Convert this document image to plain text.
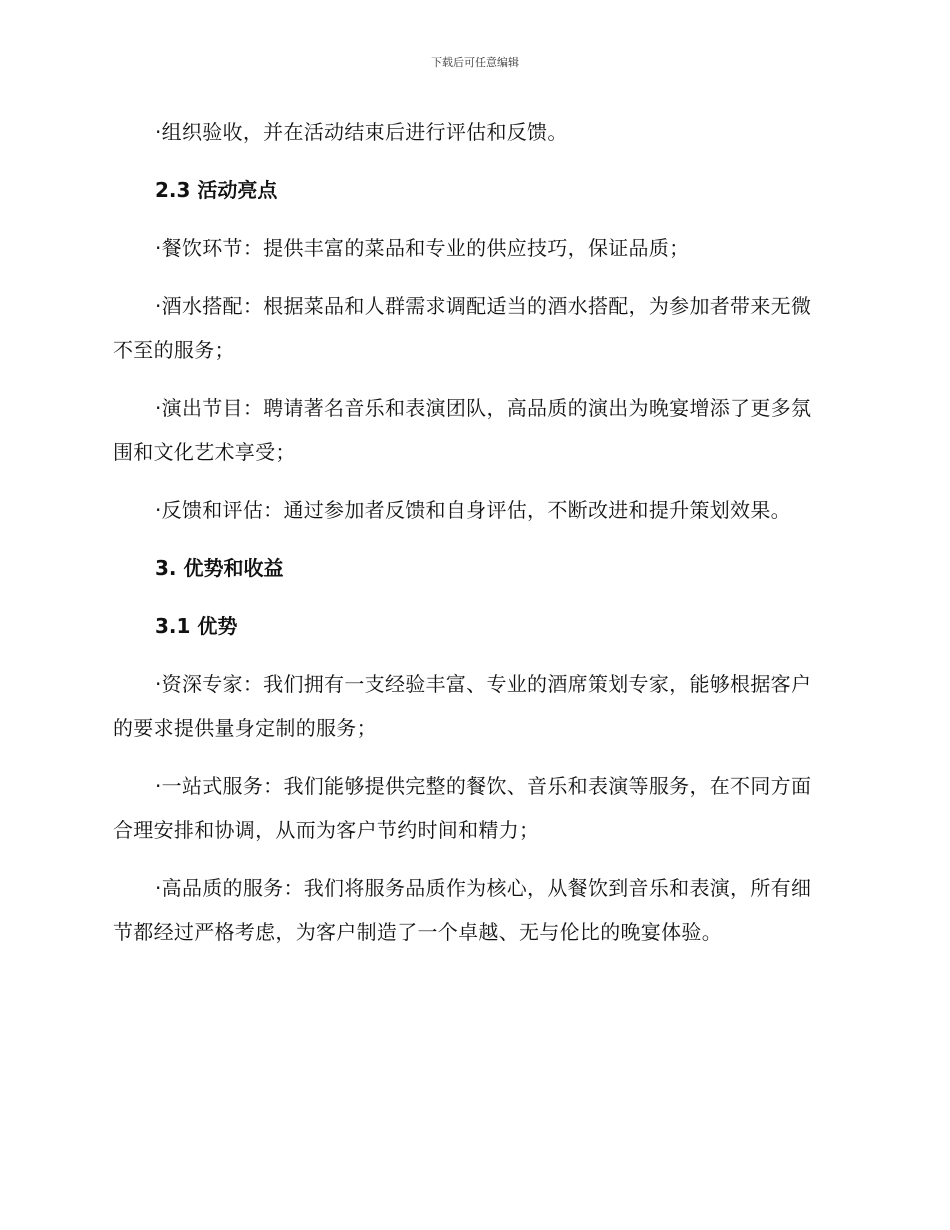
下载后可任意编辑

·组织验收，并在活动结束后进行评估和反馈。

2.3 活动亮点

·餐饮环节：提供丰富的菜品和专业的供应技巧，保证品质；

·酒水搭配：根据菜品和人群需求调配适当的酒水搭配，为参加者带来无微不至的服务；

·演出节目：聘请著名音乐和表演团队，高品质的演出为晚宴增添了更多氛围和文化艺术享受；

·反馈和评估：通过参加者反馈和自身评估，不断改进和提升策划效果。

3. 优势和收益

3.1 优势

·资深专家：我们拥有一支经验丰富、专业的酒席策划专家，能够根据客户的要求提供量身定制的服务；

·一站式服务：我们能够提供完整的餐饮、音乐和表演等服务，在不同方面合理安排和协调，从而为客户节约时间和精力；

·高品质的服务：我们将服务品质作为核心，从餐饮到音乐和表演，所有细节都经过严格考虑，为客户制造了一个卓越、无与伦比的晚宴体验。
